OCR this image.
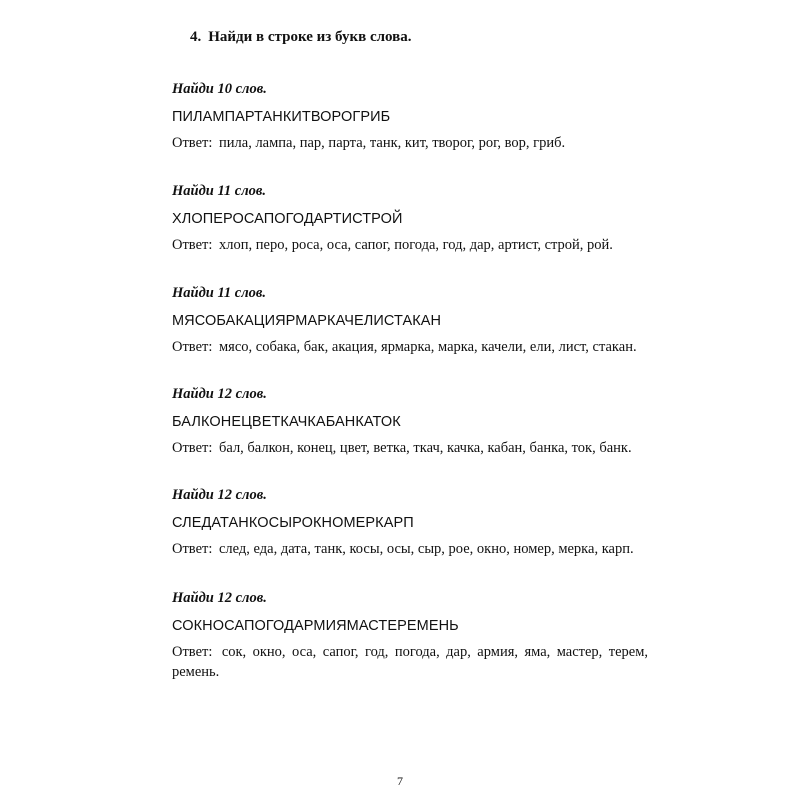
4. Найди в строке из букв слова.
Найди 10 слов.
ПИЛАМПАРТАНКИТВОРОГРИБ
Ответ: пила, лампа, пар, парта, танк, кит, творог, рог, вор, гриб.
Найди 11 слов.
ХЛОПЕРОСАПОГОДАРТИСТРОЙ
Ответ: хлоп, перо, роса, оса, сапог, погода, год, дар, артист, строй, рой.
Найди 11 слов.
МЯСОБАКАЦИЯРМАРКАЧЕЛИСТАКАН
Ответ: мясо, собака, бак, акация, ярмарка, марка, качели, ели, лист, стакан.
Найди 12 слов.
БАЛКОНЕЦВЕТКАЧКАБАНКАТОК
Ответ: бал, балкон, конец, цвет, ветка, ткач, качка, кабан, банка, ток, банк.
Найди 12 слов.
СЛЕДАТАНКОСЫРОКНОМЕРКАРП
Ответ: след, еда, дата, танк, косы, осы, сыр, рое, окно, номер, мерка, карп.
Найди 12 слов.
СОКНОСАПОГОДАРМИЯМАСТЕРЕМЕНЬ
Ответ: сок, окно, оса, сапог, год, погода, дар, армия, яма, мастер, терем, ремень.
7
